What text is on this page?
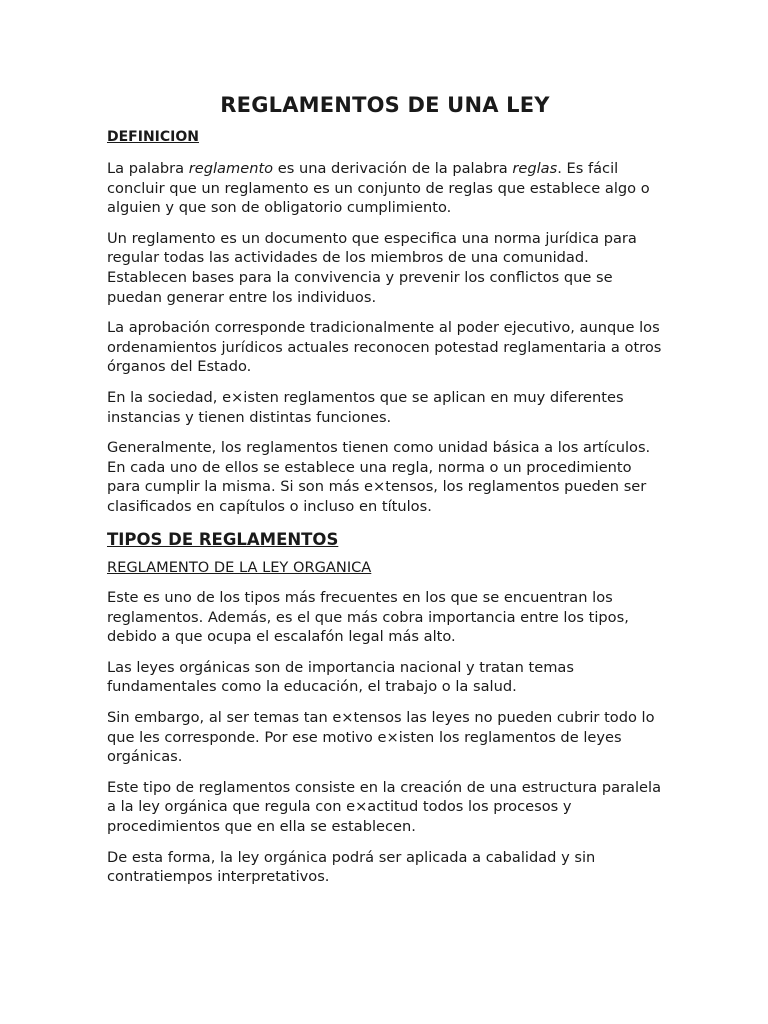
REGLAMENTOS DE UNA LEY
DEFINICION

La palabra reglamento es una derivación de la palabra reglas. Es fácil concluir que un reglamento es un conjunto de reglas que establece algo o alguien y que son de obligatorio cumplimiento.

Un reglamento es un documento que especifica una norma jurídica para regular todas las actividades de los miembros de una comunidad. Establecen bases para la convivencia y prevenir los conflictos que se puedan generar entre los individuos.

La aprobación corresponde tradicionalmente al poder ejecutivo, aunque los ordenamientos jurídicos actuales reconocen potestad reglamentaria a otros órganos del Estado.

En la sociedad, e×isten reglamentos que se aplican en muy diferentes instancias y tienen distintas funciones.

Generalmente, los reglamentos tienen como unidad básica a los artículos. En cada uno de ellos se establece una regla, norma o un procedimiento para cumplir la misma. Si son más e×tensos, los reglamentos pueden ser clasificados en capítulos o incluso en títulos.

TIPOS DE REGLAMENTOS
REGLAMENTO DE LA LEY ORGANICA

Este es uno de los tipos más frecuentes en los que se encuentran los reglamentos. Además, es el que más cobra importancia entre los tipos, debido a que ocupa el escalafón legal más alto.

Las leyes orgánicas son de importancia nacional y tratan temas fundamentales como la educación, el trabajo o la salud.

Sin embargo, al ser temas tan e×tensos las leyes no pueden cubrir todo lo que les corresponde. Por ese motivo e×isten los reglamentos de leyes orgánicas.

Este tipo de reglamentos consiste en la creación de una estructura paralela a la ley orgánica que regula con e×actitud todos los procesos y procedimientos que en ella se establecen.

De esta forma, la ley orgánica podrá ser aplicada a cabalidad y sin contratiempos interpretativos.
